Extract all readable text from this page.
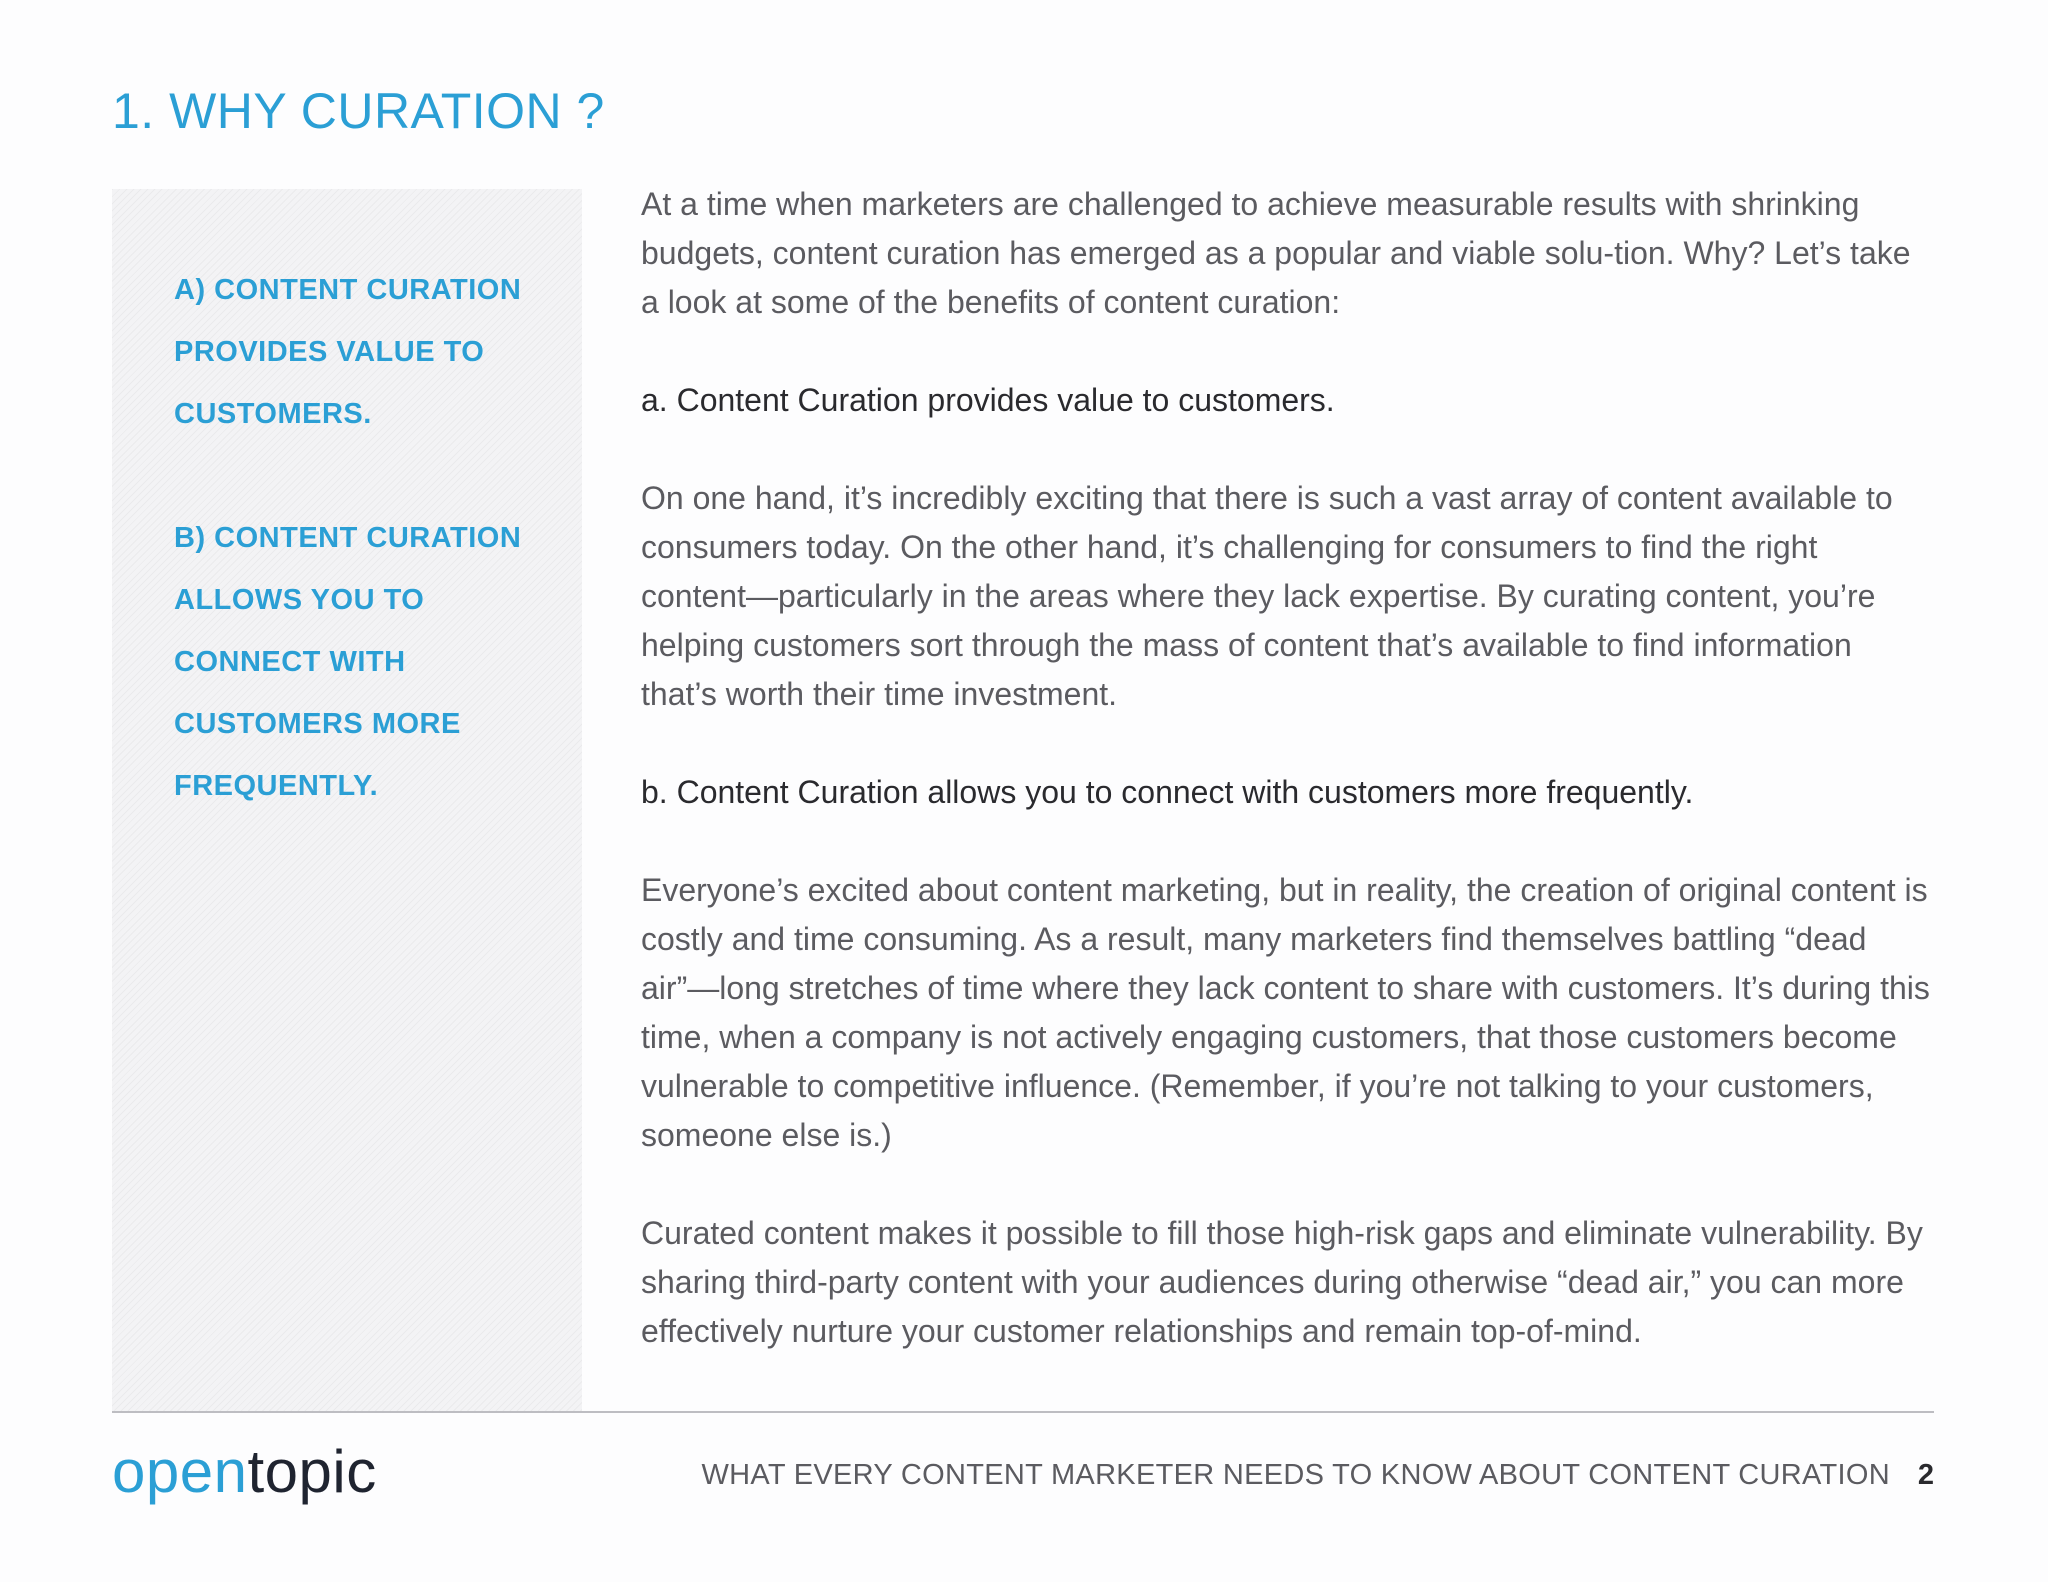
1. WHY CURATION ?

A) CONTENT CURATION PROVIDES VALUE TO CUSTOMERS.

B) CONTENT CURATION ALLOWS YOU TO CONNECT WITH CUSTOMERS MORE FREQUENTLY.

At a time when marketers are challenged to achieve measurable results with shrinking budgets, content curation has emerged as a popular and viable solu-tion. Why? Let’s take a look at some of the benefits of content curation:

a. Content Curation provides value to customers.

On one hand, it’s incredibly exciting that there is such a vast array of content available to consumers today. On the other hand, it’s challenging for consumers to find the right content—particularly in the areas where they lack expertise. By curating content, you’re helping customers sort through the mass of content that’s available to find information that’s worth their time investment.

b. Content Curation allows you to connect with customers more frequently.

Everyone’s excited about content marketing, but in reality, the creation of original content is costly and time consuming. As a result, many marketers find themselves battling “dead air”—long stretches of time where they lack content to share with customers. It’s during this time, when a company is not actively engaging customers, that those customers become vulnerable to competitive influence. (Remember, if you’re not talking to your customers, someone else is.)

Curated content makes it possible to fill those high-risk gaps and eliminate vulnerability. By sharing third-party content with your audiences during otherwise “dead air,” you can more effectively nurture your customer relationships and remain top-of-mind.

opentopic	WHAT EVERY CONTENT MARKETER NEEDS TO KNOW ABOUT CONTENT CURATION 2
